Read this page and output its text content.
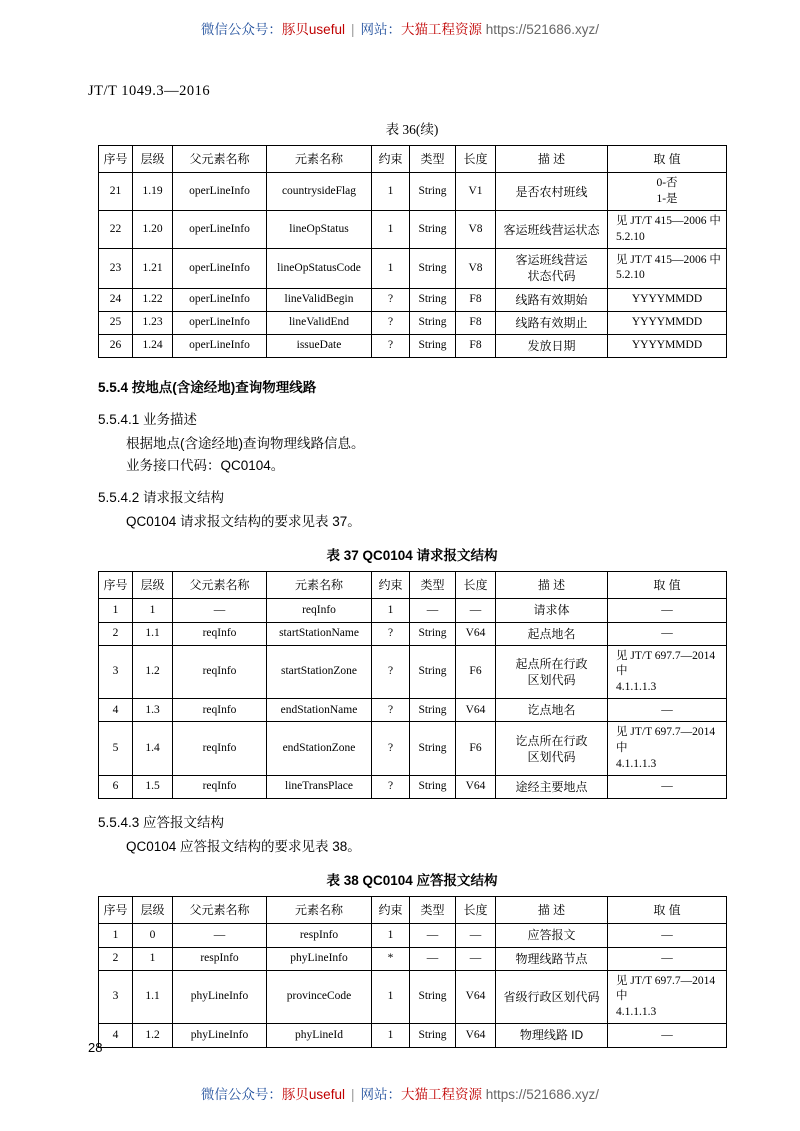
微信公众号：豚贝useful | 网站：大猫工程资源 https://521686.xyz/
JT/T 1049.3—2016
表 36(续)
序号	层级	父元素名称	元素名称	约束	类型	长度	描 述	取 值

21	1.19	operLineInfo	countrysideFlag	1	String	V1	是否农村班线	0-否
1-是

22	1.20	operLineInfo	lineOpStatus	1	String	V8	客运班线营运状态	见 JT/T 415—2006 中
5.2.10

23	1.21	operLineInfo	lineOpStatusCode	1	String	V8	客运班线营运
状态代码	见 JT/T 415—2006 中
5.2.10

24	1.22	operLineInfo	lineValidBegin	?	String	F8	线路有效期始	YYYYMMDD

25	1.23	operLineInfo	lineValidEnd	?	String	F8	线路有效期止	YYYYMMDD

26	1.24	operLineInfo	issueDate	?	String	F8	发放日期	YYYYMMDD
5.5.4 按地点(含途经地)查询物理线路
5.5.4.1 业务描述
根据地点(含途经地)查询物理线路信息。
业务接口代码：QC0104。
5.5.4.2 请求报文结构
QC0104 请求报文结构的要求见表 37。
表 37 QC0104 请求报文结构
序号	层级	父元素名称	元素名称	约束	类型	长度	描 述	取 值

1	1	—	reqInfo	1	—	—	请求体	—

2	1.1	reqInfo	startStationName	?	String	V64	起点地名	—

3	1.2	reqInfo	startStationZone	?	String	F6	起点所在行政
区划代码	见 JT/T 697.7—2014 中
4.1.1.1.3

4	1.3	reqInfo	endStationName	?	String	V64	讫点地名	—

5	1.4	reqInfo	endStationZone	?	String	F6	讫点所在行政
区划代码	见 JT/T 697.7—2014 中
4.1.1.1.3

6	1.5	reqInfo	lineTransPlace	?	String	V64	途经主要地点	—
5.5.4.3 应答报文结构
QC0104 应答报文结构的要求见表 38。
表 38 QC0104 应答报文结构
序号	层级	父元素名称	元素名称	约束	类型	长度	描 述	取 值

1	0	—	respInfo	1	—	—	应答报文	—

2	1	respInfo	phyLineInfo	*	—	—	物理线路节点	—

3	1.1	phyLineInfo	provinceCode	1	String	V64	省级行政区划代码	见 JT/T 697.7—2014 中
4.1.1.1.3

4	1.2	phyLineInfo	phyLineId	1	String	V64	物理线路 ID	—
28
微信公众号：豚贝useful | 网站：大猫工程资源 https://521686.xyz/
